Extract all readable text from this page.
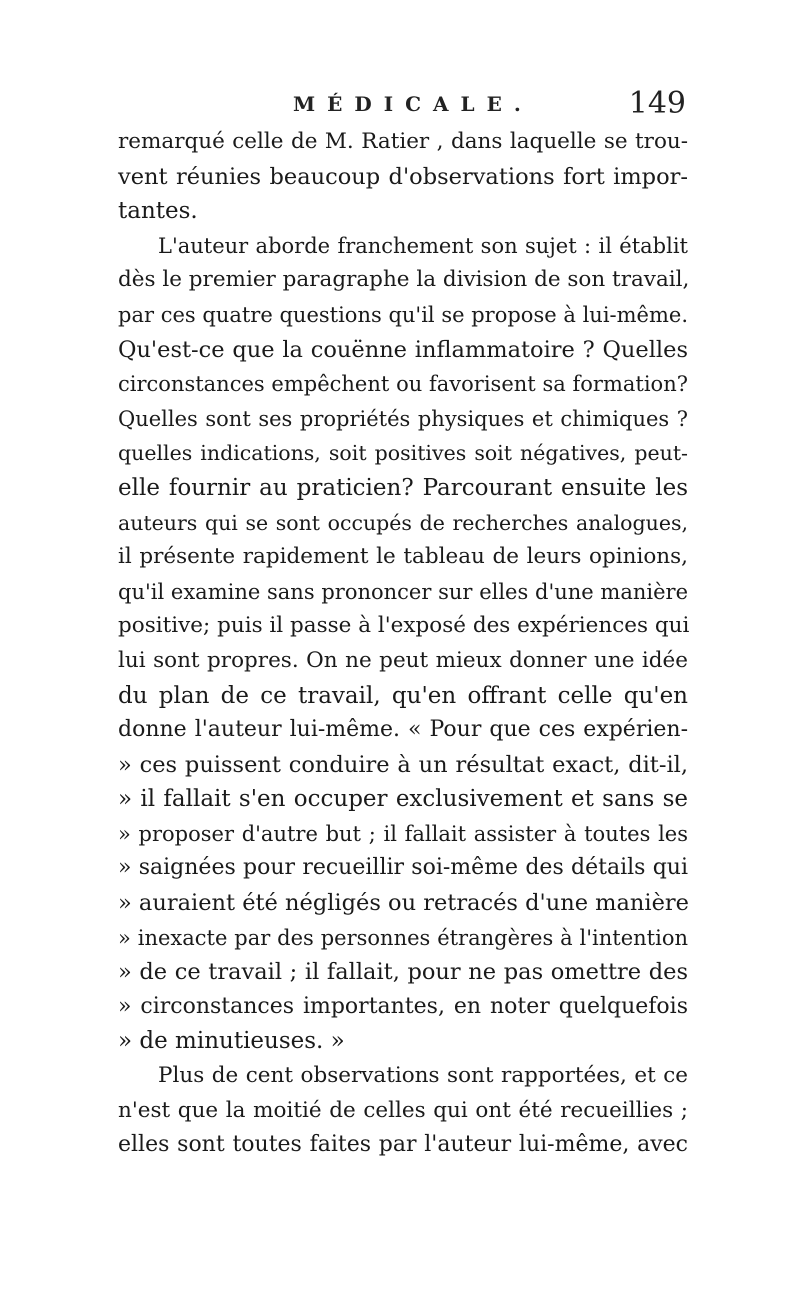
MÉDICALE.	149
remarqué celle de M. Ratier , dans laquelle se trou-
vent réunies beaucoup d'observations fort impor-
tantes.
L'auteur aborde franchement son sujet : il établit
dès le premier paragraphe la division de son travail,
par ces quatre questions qu'il se propose à lui-même.
Qu'est-ce que la couënne inflammatoire ? Quelles
circonstances empêchent ou favorisent sa formation?
Quelles sont ses propriétés physiques et chimiques ?
quelles indications, soit positives soit négatives, peut-
elle fournir au praticien? Parcourant ensuite les
auteurs qui se sont occupés de recherches analogues,
il présente rapidement le tableau de leurs opinions,
qu'il examine sans prononcer sur elles d'une manière
positive; puis il passe à l'exposé des expériences qui
lui sont propres. On ne peut mieux donner une idée
du plan de ce travail, qu'en offrant celle qu'en
donne l'auteur lui-même. « Pour que ces expérien-
» ces puissent conduire à un résultat exact, dit-il,
» il fallait s'en occuper exclusivement et sans se
» proposer d'autre but ; il fallait assister à toutes les
» saignées pour recueillir soi-même des détails qui
» auraient été négligés ou retracés d'une manière
» inexacte par des personnes étrangères à l'intention
» de ce travail ; il fallait, pour ne pas omettre des
» circonstances importantes, en noter quelquefois
» de minutieuses. »
Plus de cent observations sont rapportées, et ce
n'est que la moitié de celles qui ont été recueillies ;
elles sont toutes faites par l'auteur lui-même, avec
